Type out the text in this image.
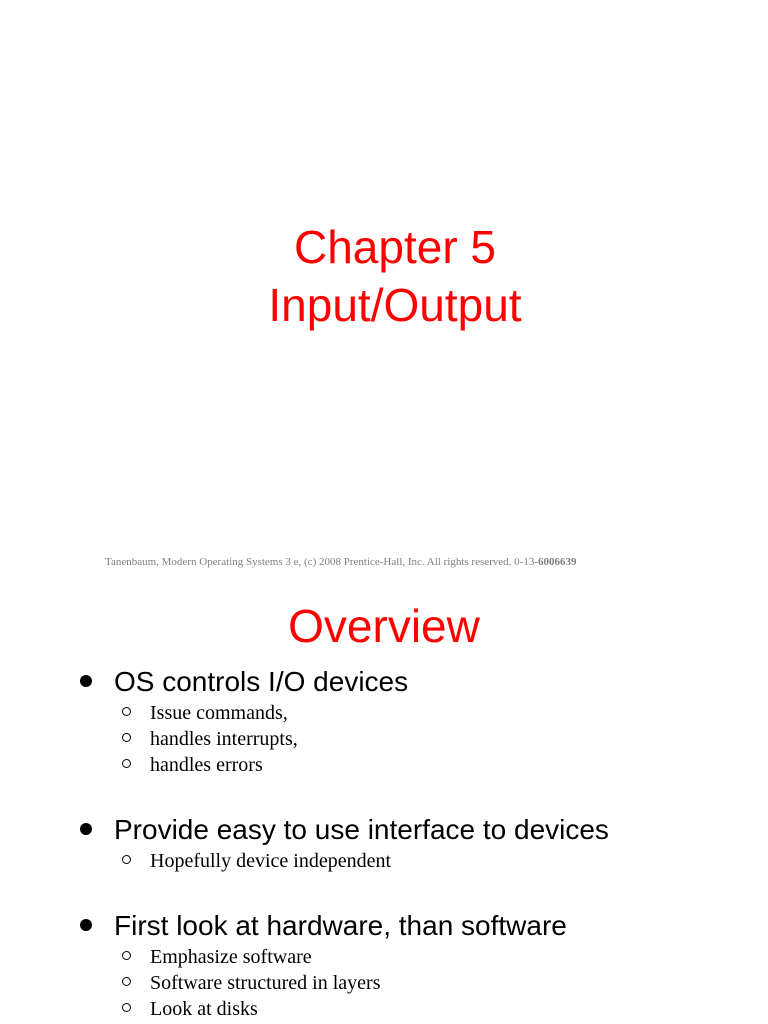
Chapter 5
Input/Output
Tanenbaum, Modern Operating Systems 3 e, (c) 2008 Prentice-Hall, Inc. All rights reserved. 0-13-6006639
Overview
OS controls I/O devices
Issue commands,
handles interrupts,
handles errors
Provide easy to use interface to devices
Hopefully device independent
First look at hardware, than software
Emphasize software
Software structured in layers
Look at disks
